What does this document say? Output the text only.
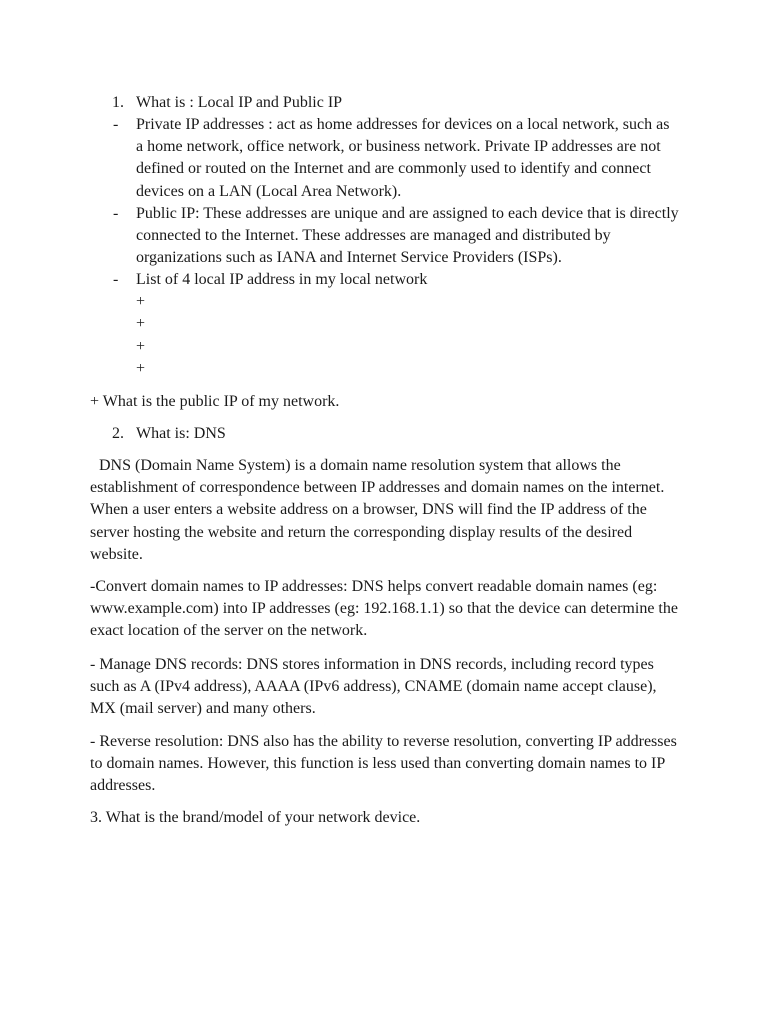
1. What is : Local IP and Public IP
- Private IP addresses : act as home addresses for devices on a local network, such as a home network, office network, or business network. Private IP addresses are not defined or routed on the Internet and are commonly used to identify and connect devices on a LAN (Local Area Network).
- Public IP: These addresses are unique and are assigned to each device that is directly connected to the Internet. These addresses are managed and distributed by organizations such as IANA and Internet Service Providers (ISPs).
- List of 4 local IP address in my local network
+
+
+
+
+ What is the public IP of my network.
2. What is: DNS
DNS (Domain Name System) is a domain name resolution system that allows the establishment of correspondence between IP addresses and domain names on the internet. When a user enters a website address on a browser, DNS will find the IP address of the server hosting the website and return the corresponding display results of the desired website.
-Convert domain names to IP addresses: DNS helps convert readable domain names (eg: www.example.com) into IP addresses (eg: 192.168.1.1) so that the device can determine the exact location of the server on the network.
- Manage DNS records: DNS stores information in DNS records, including record types such as A (IPv4 address), AAAA (IPv6 address), CNAME (domain name accept clause), MX (mail server) and many others.
- Reverse resolution: DNS also has the ability to reverse resolution, converting IP addresses to domain names. However, this function is less used than converting domain names to IP addresses.
3. What is the brand/model of your network device.
